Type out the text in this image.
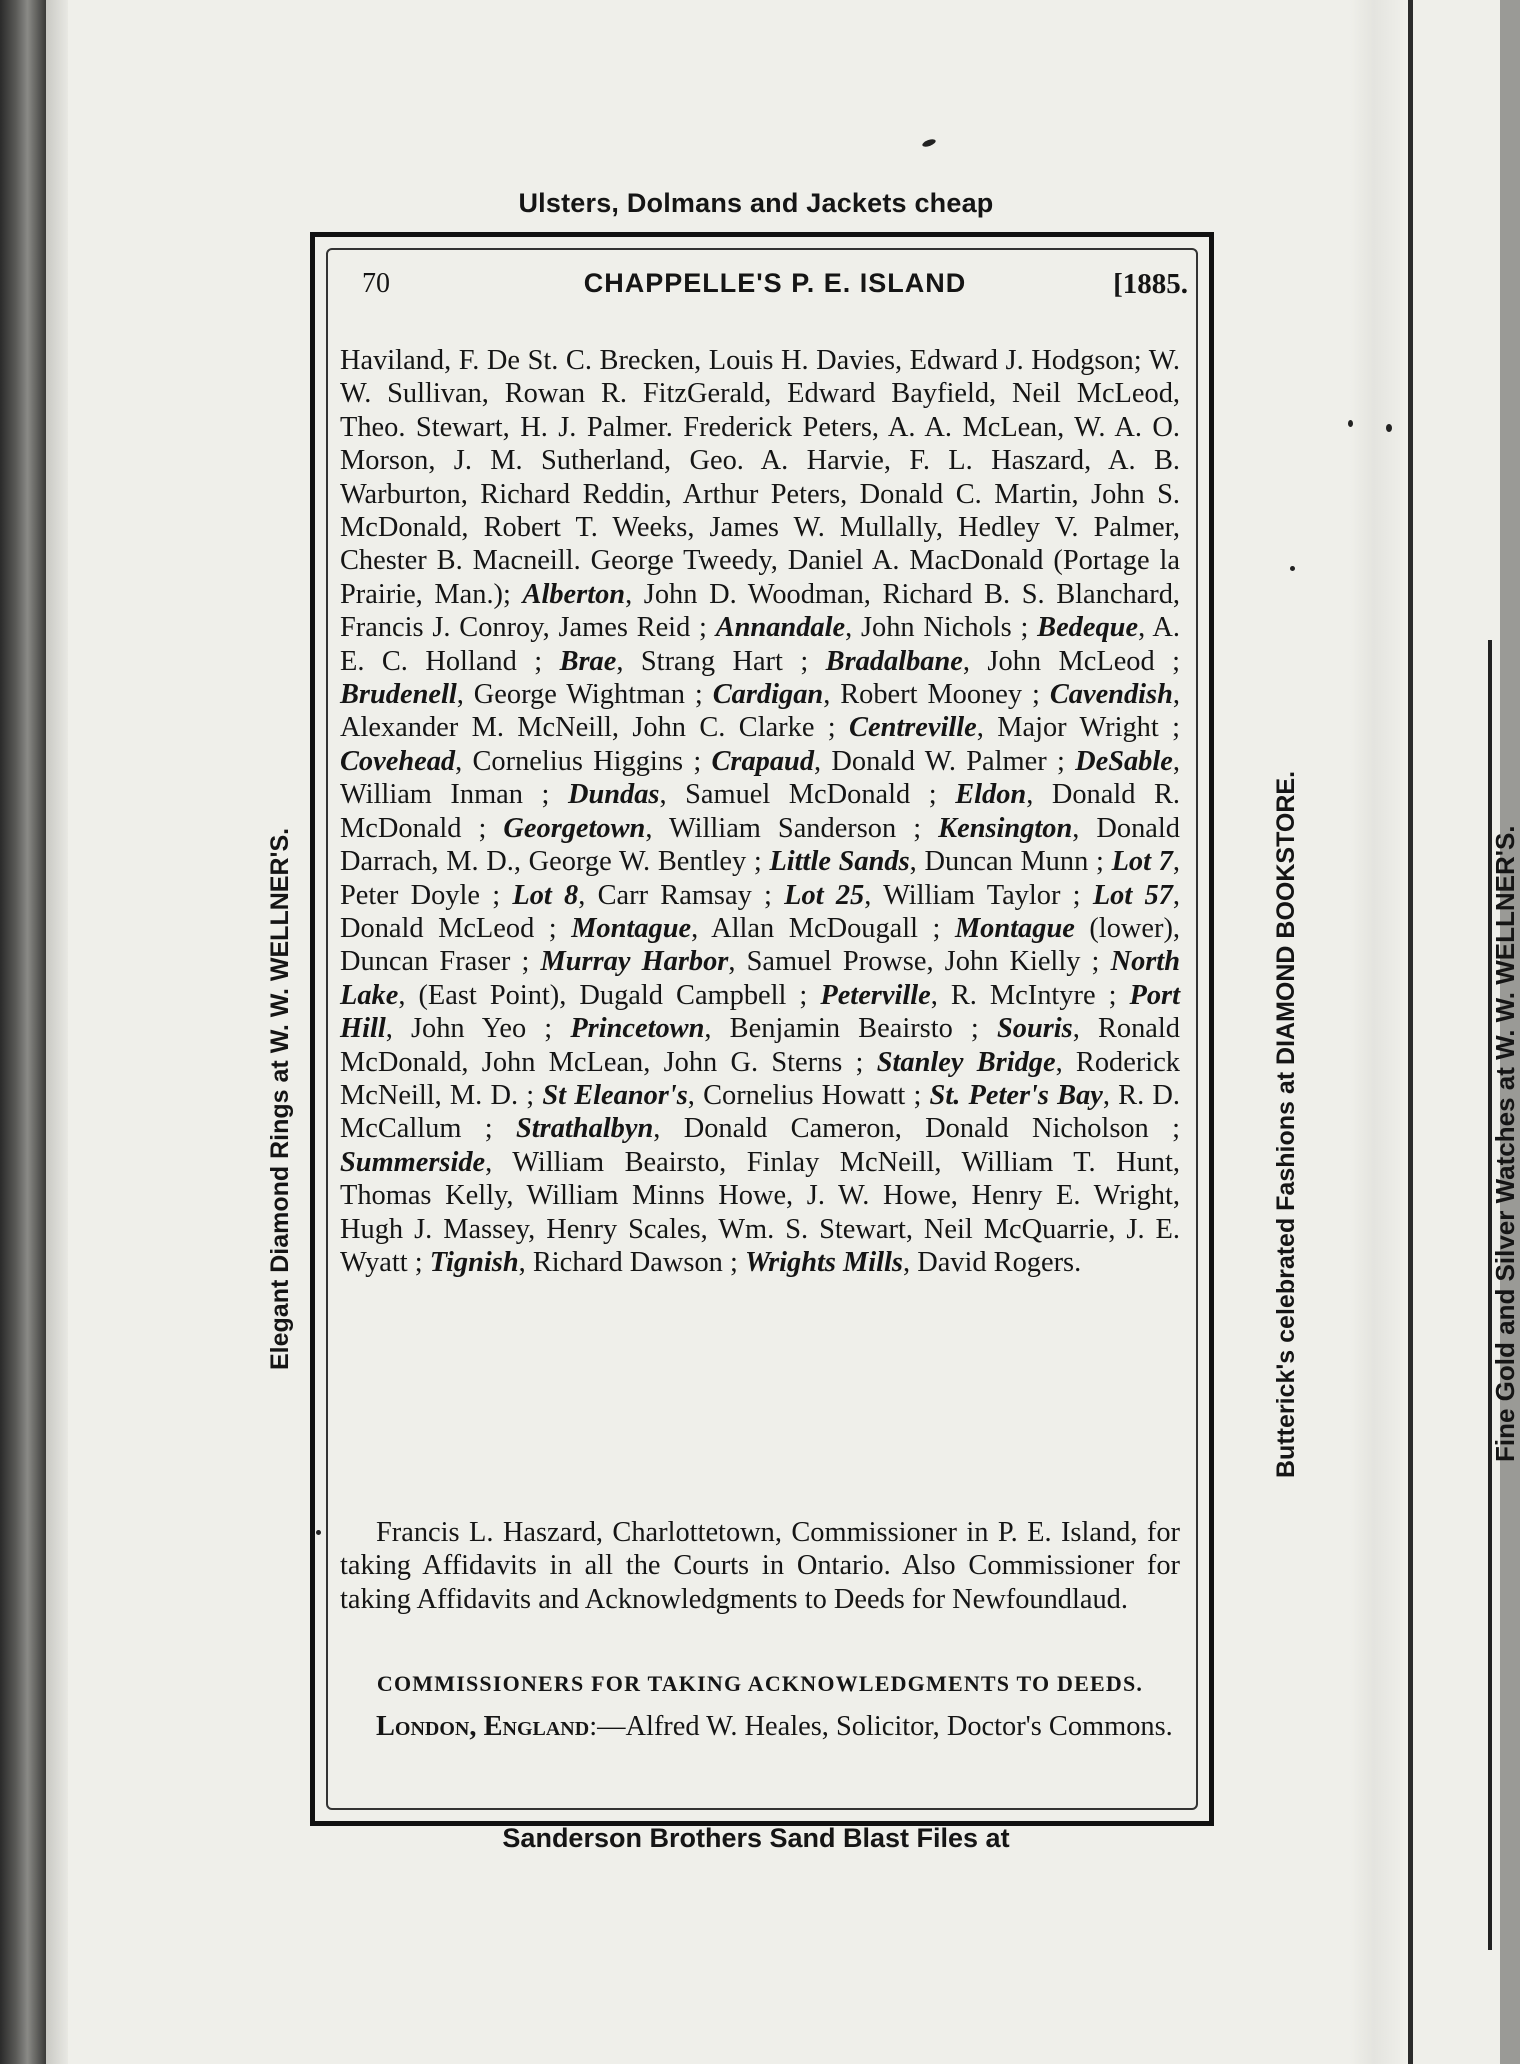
Ulsters, Dolmans and Jackets cheap
Sanderson Brothers Sand Blast Files at
Elegant Diamond Rings at W. W. WELLNER'S.	Butterick's celebrated Fashions at DIAMOND BOOKSTORE.	Fine Gold and Silver Watches at W. W. WELLNER'S.
70	CHAPPELLE'S P. E. ISLAND	[1885.
Haviland, F. De St. C. Brecken, Louis H. Davies, Edward J. Hodgson; W. W. Sullivan, Rowan R. FitzGerald, Edward Bayfield, Neil McLeod, Theo. Stewart, H. J. Palmer. Frederick Peters, A. A. McLean, W. A. O. Morson, J. M. Sutherland, Geo. A. Harvie, F. L. Haszard, A. B. Warburton, Richard Reddin, Arthur Peters, Donald C. Martin, John S. McDonald, Robert T. Weeks, James W. Mullally, Hedley V. Palmer, Chester B. Macneill. George Tweedy, Daniel A. MacDonald (Portage la Prairie, Man.); Alberton, John D. Woodman, Richard B. S. Blanchard, Francis J. Conroy, James Reid ; Annandale, John Nichols ; Bedeque, A. E. C. Holland ; Brae, Strang Hart ; Bradalbane, John McLeod ; Brudenell, George Wightman ; Cardigan, Robert Mooney ; Cavendish, Alexander M. McNeill, John C. Clarke ; Centreville, Major Wright ; Covehead, Cornelius Higgins ; Crapaud, Donald W. Palmer ; DeSable, William Inman ; Dundas, Samuel McDonald ; Eldon, Donald R. McDonald ; Georgetown, William Sanderson ; Kensington, Donald Darrach, M. D., George W. Bentley ; Little Sands, Duncan Munn ; Lot 7, Peter Doyle ; Lot 8, Carr Ramsay ; Lot 25, William Taylor ; Lot 57, Donald McLeod ; Montague, Allan McDougall ; Montague (lower), Duncan Fraser ; Murray Harbor, Samuel Prowse, John Kielly ; North Lake, (East Point), Dugald Campbell ; Peterville, R. McIntyre ; Port Hill, John Yeo ; Princetown, Benjamin Beairsto ; Souris, Ronald McDonald, John McLean, John G. Sterns ; Stanley Bridge, Roderick McNeill, M. D. ; St Eleanor's, Cornelius Howatt ; St. Peter's Bay, R. D. McCallum ; Strathalbyn, Donald Cameron, Donald Nicholson ; Summerside, William Beairsto, Finlay McNeill, William T. Hunt, Thomas Kelly, William Minns Howe, J. W. Howe, Henry E. Wright, Hugh J. Massey, Henry Scales, Wm. S. Stewart, Neil McQuarrie, J. E. Wyatt ; Tignish, Richard Dawson ; Wrights Mills, David Rogers.
Francis L. Haszard, Charlottetown, Commissioner in P. E. Island, for taking Affidavits in all the Courts in Ontario. Also Commissioner for taking Affidavits and Acknowledgments to Deeds for Newfoundlaud.
COMMISSIONERS FOR TAKING ACKNOWLEDGMENTS TO DEEDS.
London, England:—Alfred W. Heales, Solicitor, Doctor's Commons.
